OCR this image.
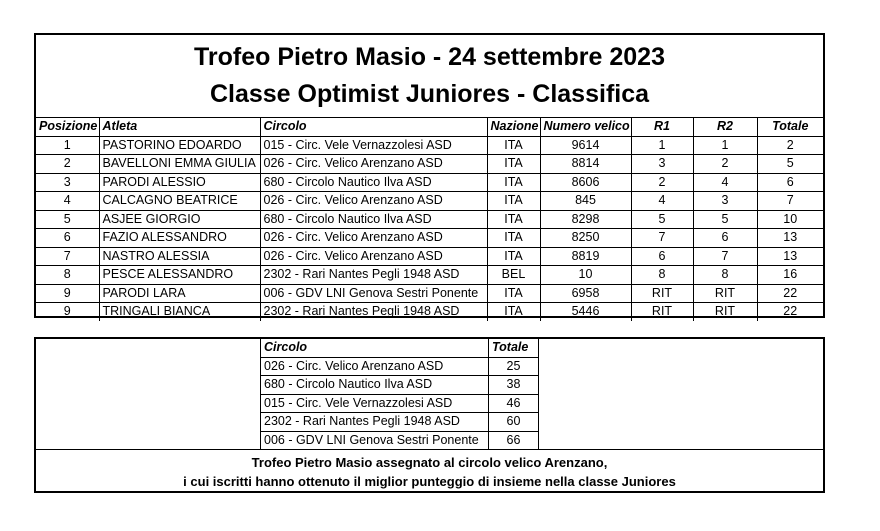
Trofeo Pietro Masio - 24 settembre 2023
Classe Optimist Juniores - Classifica
Posizione	Atleta	Circolo	Nazione	Numero velico	R1	R2	Totale
1	PASTORINO EDOARDO	015 - Circ. Vele Vernazzolesi ASD	ITA	9614	1	1	2
2	BAVELLONI EMMA GIULIA	026 - Circ. Velico Arenzano ASD	ITA	8814	3	2	5
3	PARODI ALESSIO	680 - Circolo Nautico Ilva ASD	ITA	8606	2	4	6
4	CALCAGNO BEATRICE	026 - Circ. Velico Arenzano ASD	ITA	845	4	3	7
5	ASJEE GIORGIO	680 - Circolo Nautico Ilva ASD	ITA	8298	5	5	10
6	FAZIO ALESSANDRO	026 - Circ. Velico Arenzano ASD	ITA	8250	7	6	13
7	NASTRO ALESSIA	026 - Circ. Velico Arenzano ASD	ITA	8819	6	7	13
8	PESCE ALESSANDRO	2302 - Rari Nantes Pegli 1948 ASD	BEL	10	8	8	16
9	PARODI LARA	006 - GDV LNI Genova Sestri Ponente	ITA	6958	RIT	RIT	22
9	TRINGALI BIANCA	2302 - Rari Nantes Pegli 1948 ASD	ITA	5446	RIT	RIT	22
Circolo	Totale
026 - Circ. Velico Arenzano ASD	25
680 - Circolo Nautico Ilva ASD	38
015 - Circ. Vele Vernazzolesi ASD	46
2302 - Rari Nantes Pegli 1948 ASD	60
006 - GDV LNI Genova Sestri Ponente	66
Trofeo Pietro Masio assegnato al circolo velico Arenzano,
i cui iscritti hanno ottenuto il miglior punteggio di insieme nella classe Juniores
